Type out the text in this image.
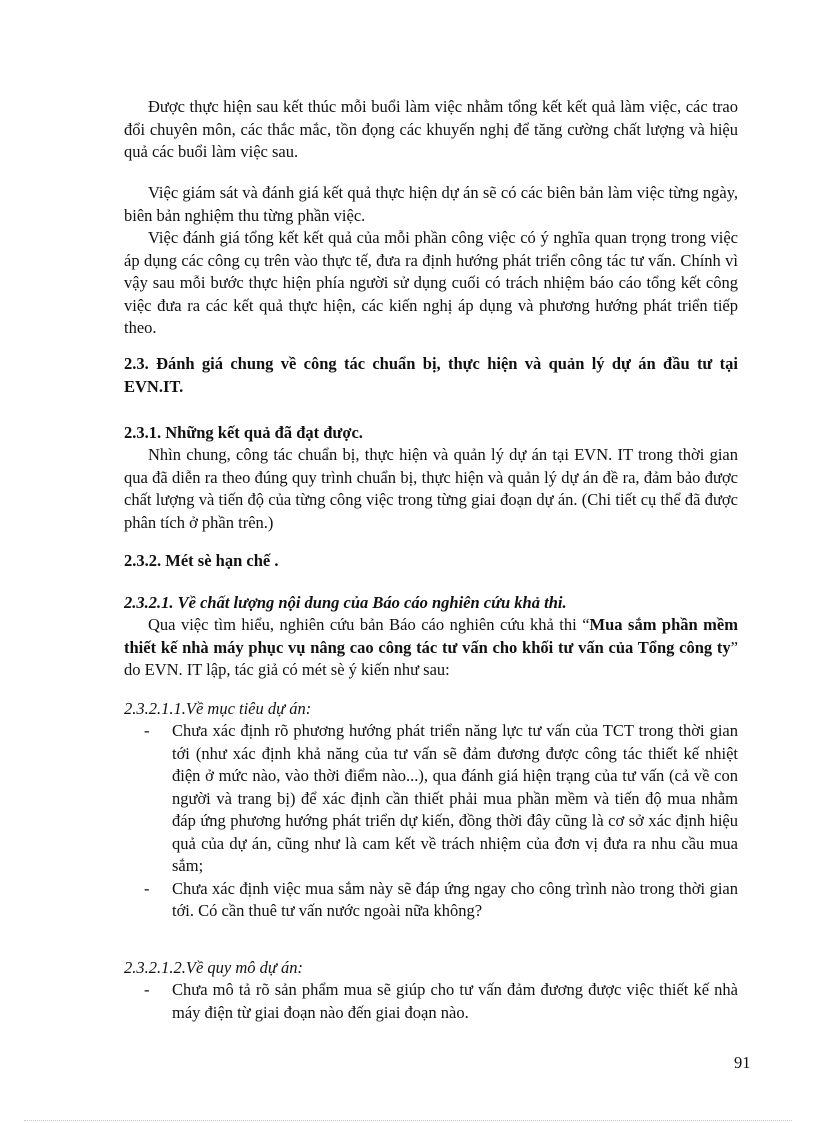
Được thực hiện sau kết thúc mỗi buổi làm việc nhằm tổng kết kết quả làm việc, các trao đổi chuyên môn, các thắc mắc, tồn đọng các khuyến nghị để tăng cường chất lượng và hiệu quả các buổi làm việc sau.
Việc giám sát và đánh giá kết quả thực hiện dự án sẽ có các biên bản làm việc từng ngày, biên bản nghiệm thu từng phần việc.
Việc đánh giá tổng kết kết quả của mỗi phần công việc có ý nghĩa quan trọng trong việc áp dụng các công cụ trên vào thực tế, đưa ra định hướng phát triển công tác tư vấn. Chính vì vậy sau mỗi bước thực hiện phía người sử dụng cuối có trách nhiệm báo cáo tổng kết công việc đưa ra các kết quả thực hiện, các kiến nghị áp dụng và phương hướng phát triển tiếp theo.
2.3. Đánh giá chung về công tác chuẩn bị, thực hiện và quản lý dự án đầu tư tại EVN.IT.
2.3.1. Những kết quả đã đạt được.
Nhìn chung, công tác chuẩn bị, thực hiện và quản lý dự án tại EVN. IT trong thời gian qua đã diễn ra theo đúng quy trình chuẩn bị, thực hiện và quản lý dự án đề ra, đảm bảo được chất lượng và tiến độ của từng công việc trong từng giai đoạn dự án. (Chi tiết cụ thể đã được phân tích ở phần trên.)
2.3.2. Mét sè hạn chế .
2.3.2.1. Về chất lượng nội dung của Báo cáo nghiên cứu khả thi.
Qua việc tìm hiểu, nghiên cứu bản Báo cáo nghiên cứu khả thi “Mua sắm phần mềm thiết kế nhà máy phục vụ nâng cao công tác tư vấn cho khối tư vấn của Tổng công ty” do EVN. IT lập, tác giả có mét sè ý kiến như sau:
2.3.2.1.1.Về mục tiêu dự án:
- Chưa xác định rõ phương hướng phát triển năng lực tư vấn của TCT trong thời gian tới (như xác định khả năng của tư vấn sẽ đảm đương được công tác thiết kế nhiệt điện ở mức nào, vào thời điểm nào...), qua đánh giá hiện trạng của tư vấn (cả về con người và trang bị) để xác định cần thiết phải mua phần mềm và tiến độ mua nhằm đáp ứng phương hướng phát triển dự kiến, đồng thời đây cũng là cơ sở xác định hiệu quả của dự án, cũng như là cam kết về trách nhiệm của đơn vị đưa ra nhu cầu mua sắm;
- Chưa xác định việc mua sắm này sẽ đáp ứng ngay cho công trình nào trong thời gian tới. Có cần thuê tư vấn nước ngoài nữa không?
2.3.2.1.2.Về quy mô dự án:
- Chưa mô tả rõ sản phẩm mua sẽ giúp cho tư vấn đảm đương được việc thiết kế nhà máy điện từ giai đoạn nào đến giai đoạn nào.
91
